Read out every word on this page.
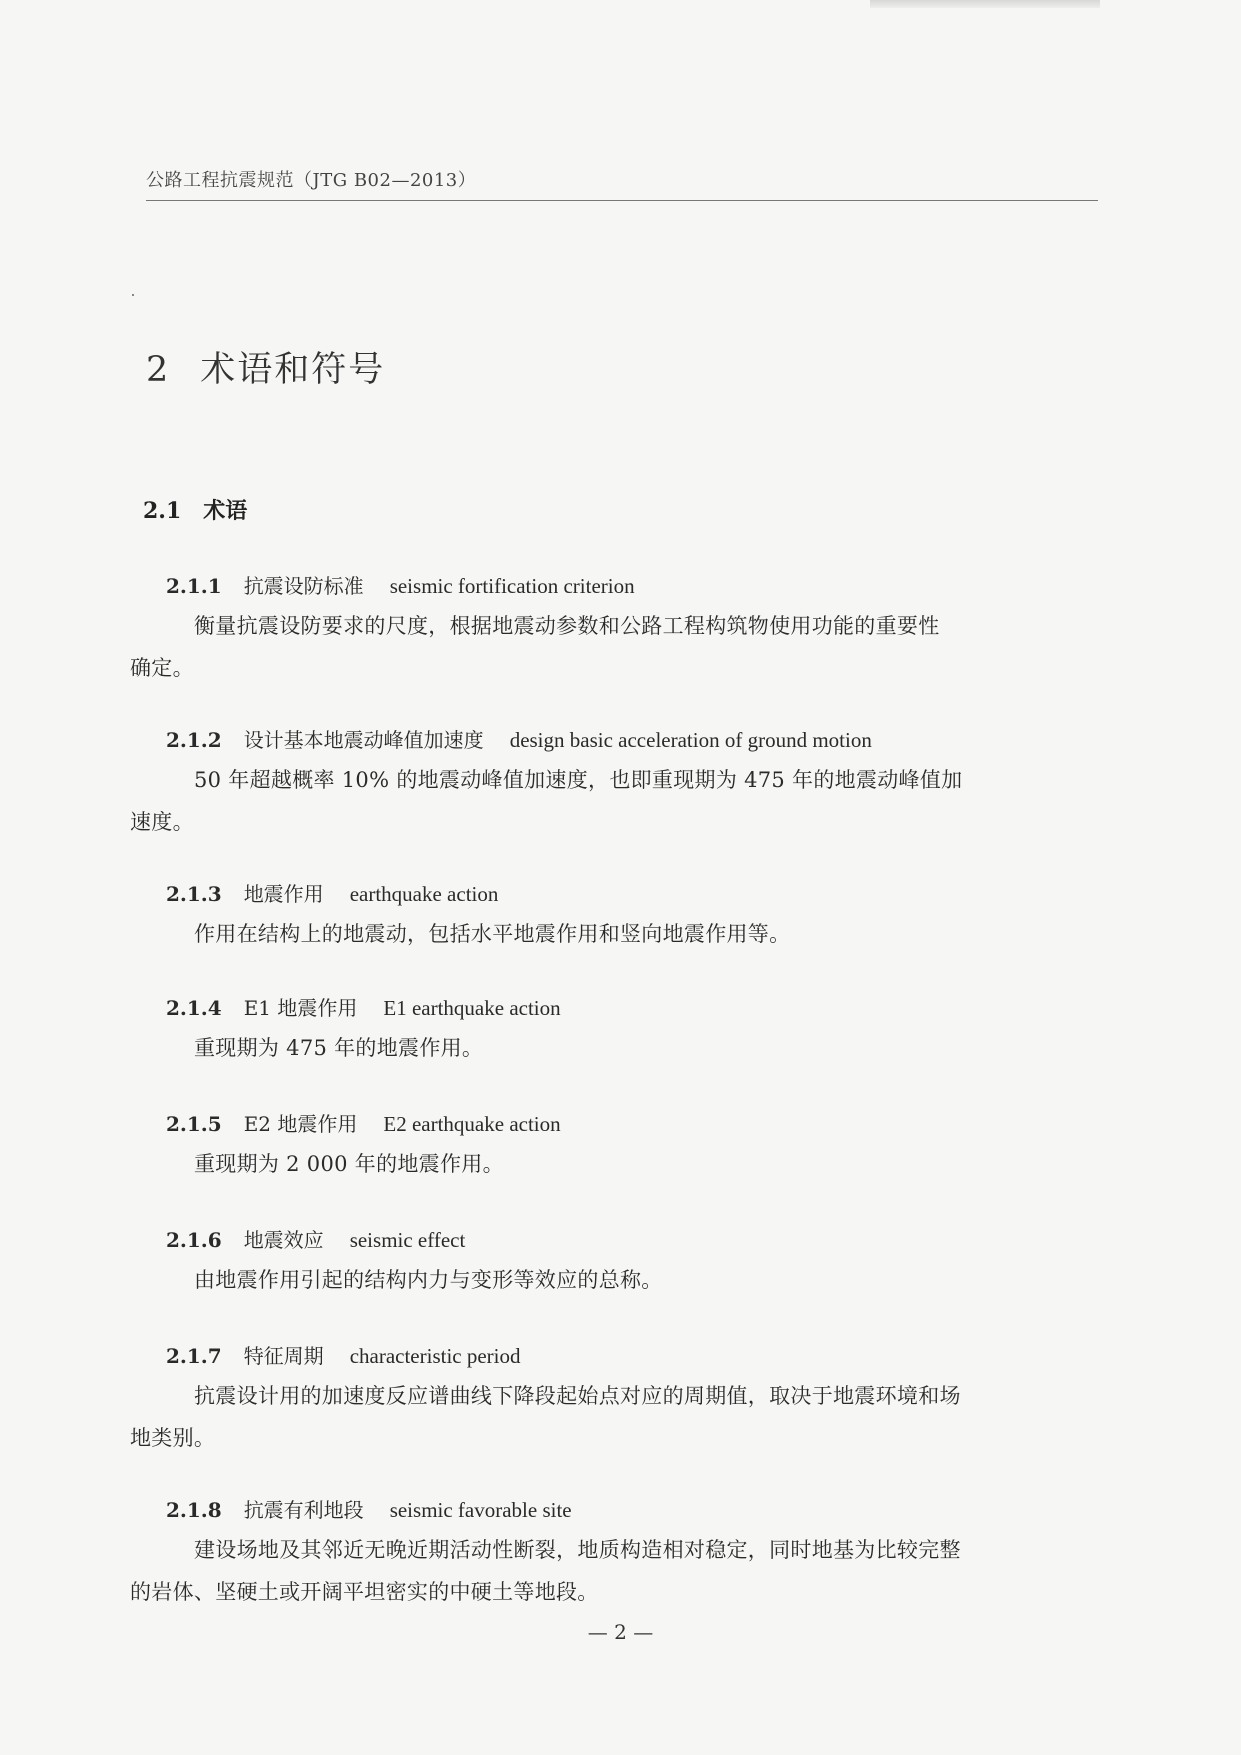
公路工程抗震规范（JTG B02—2013）
2 术语和符号
2.1 术语
2.1.1 抗震设防标准 seismic fortification criterion
衡量抗震设防要求的尺度，根据地震动参数和公路工程构筑物使用功能的重要性
确定。
2.1.2 设计基本地震动峰值加速度 design basic acceleration of ground motion
50 年超越概率 10% 的地震动峰值加速度，也即重现期为 475 年的地震动峰值加
速度。
2.1.3 地震作用 earthquake action
作用在结构上的地震动，包括水平地震作用和竖向地震作用等。
2.1.4 E1 地震作用 E1 earthquake action
重现期为 475 年的地震作用。
2.1.5 E2 地震作用 E2 earthquake action
重现期为 2 000 年的地震作用。
2.1.6 地震效应 seismic effect
由地震作用引起的结构内力与变形等效应的总称。
2.1.7 特征周期 characteristic period
抗震设计用的加速度反应谱曲线下降段起始点对应的周期值，取决于地震环境和场
地类别。
2.1.8 抗震有利地段 seismic favorable site
建设场地及其邻近无晚近期活动性断裂，地质构造相对稳定，同时地基为比较完整
的岩体、坚硬土或开阔平坦密实的中硬土等地段。
— 2 —
